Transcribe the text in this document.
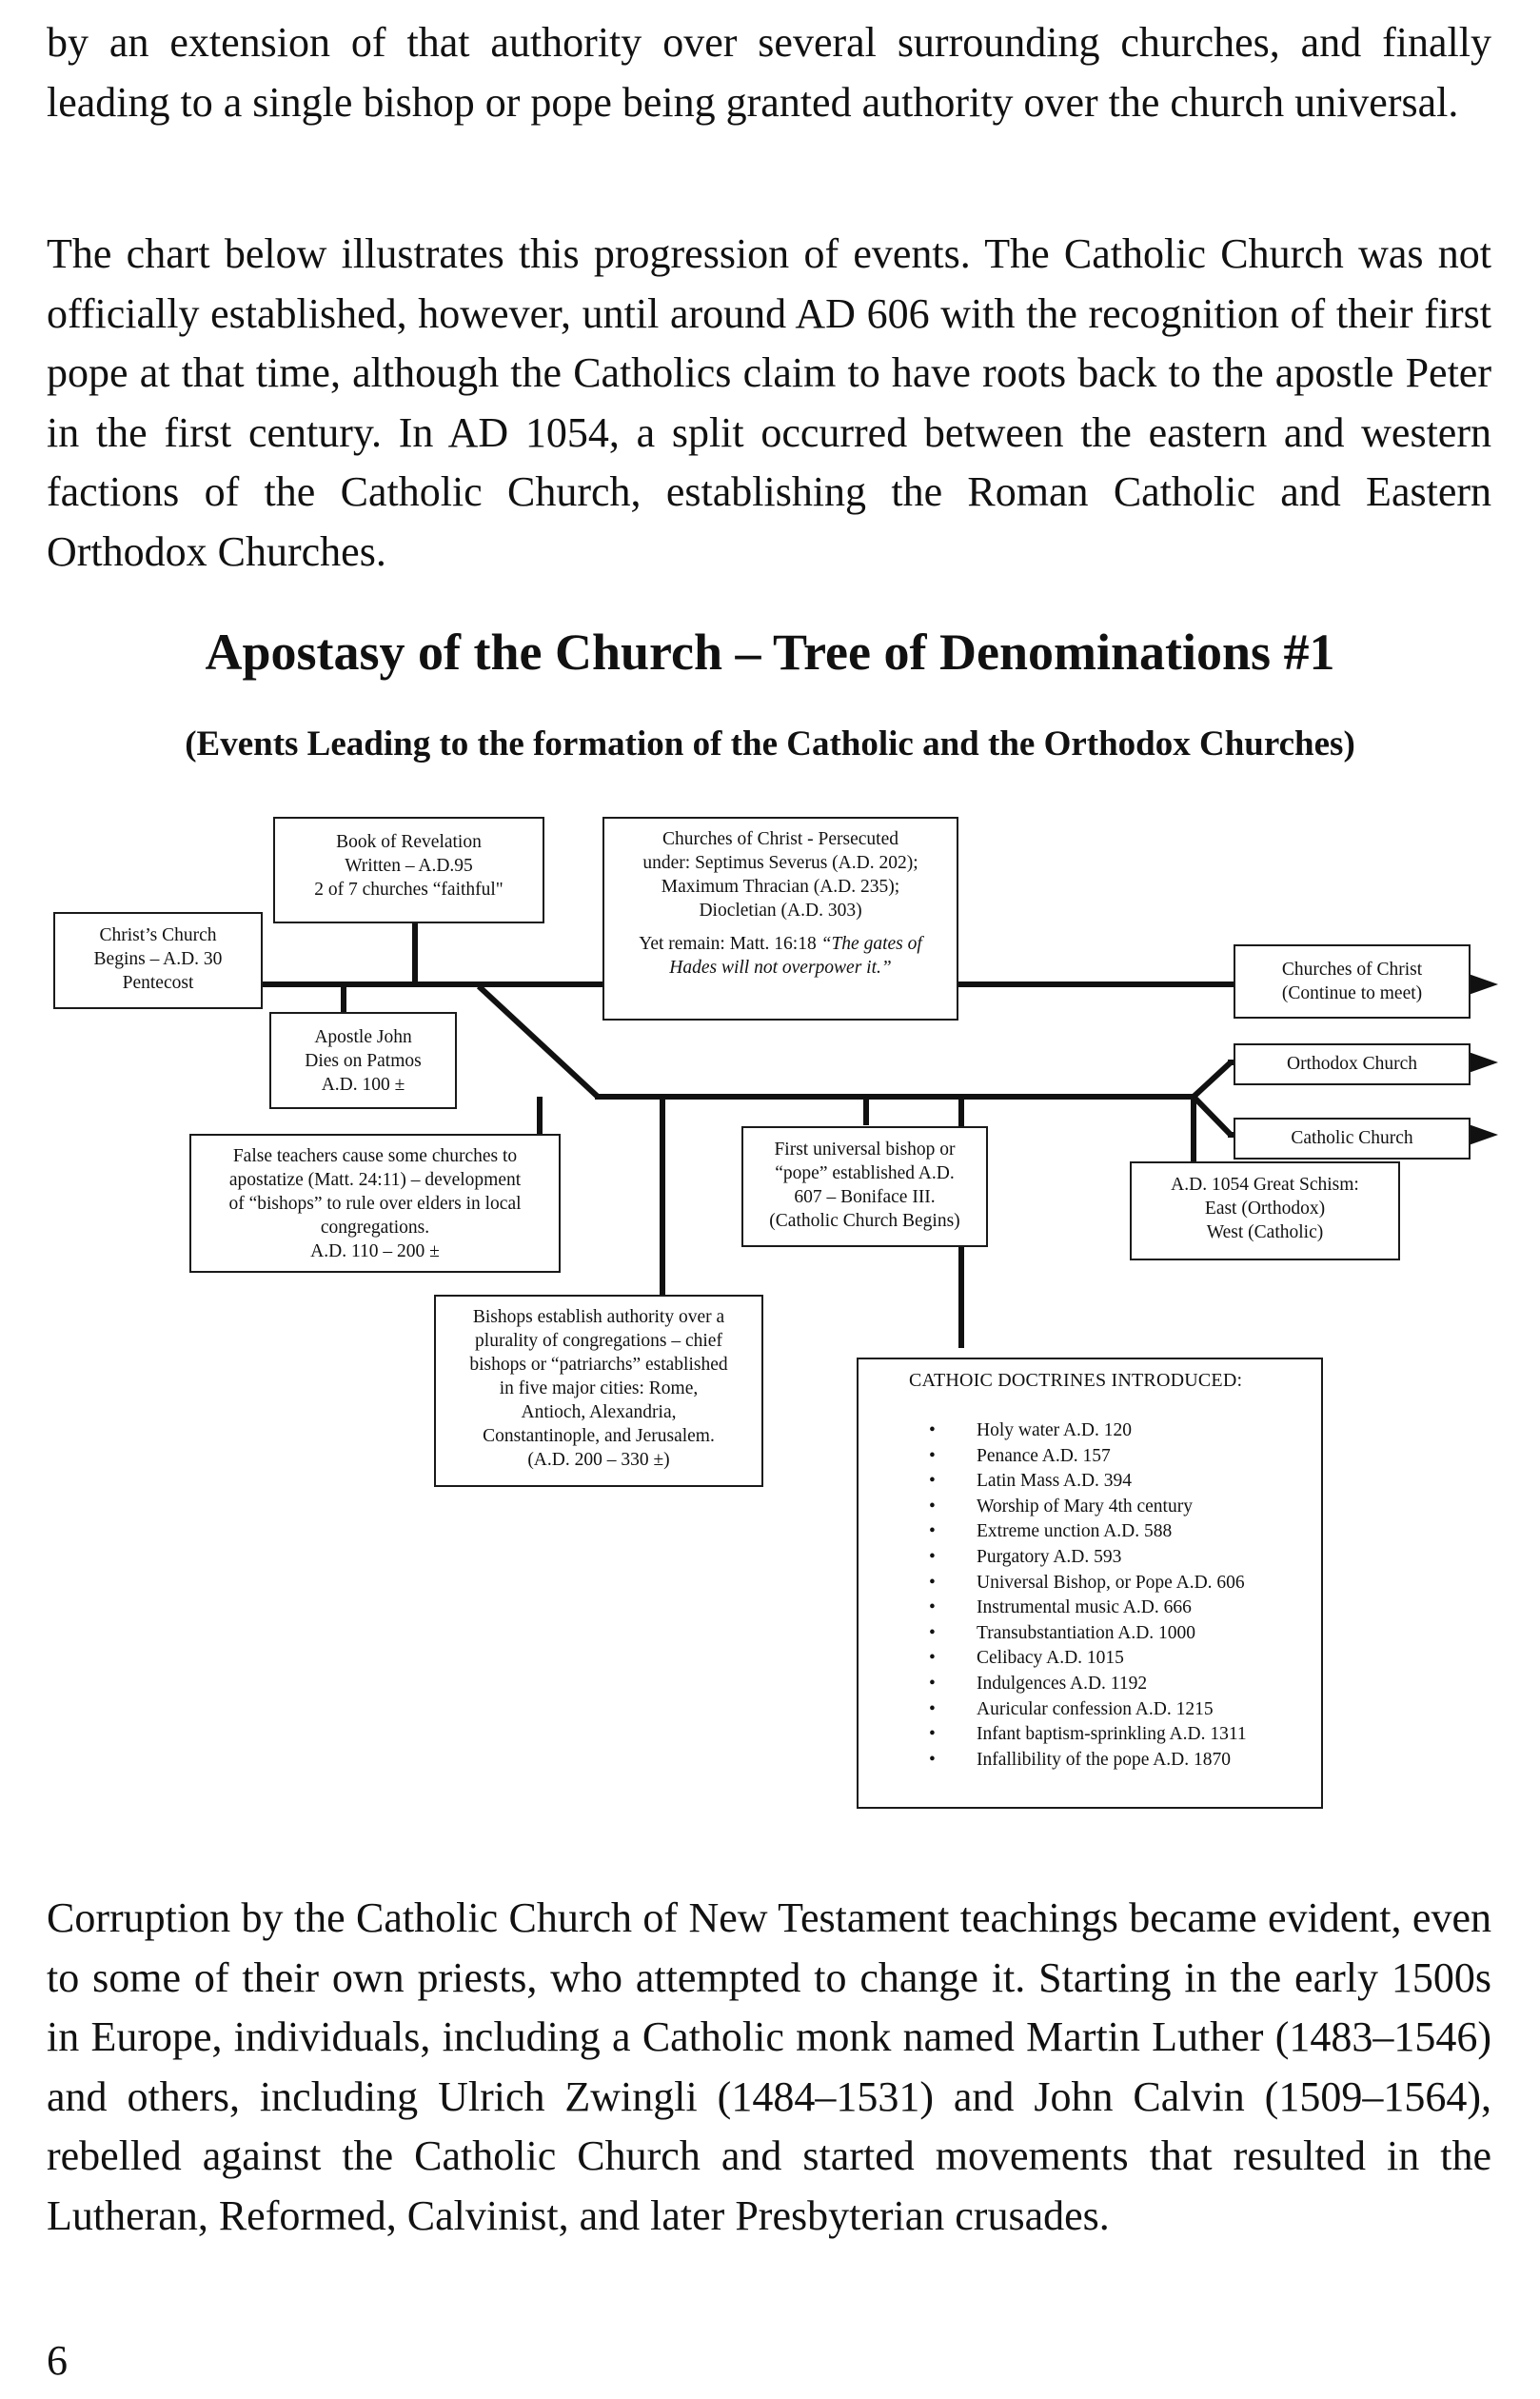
by an extension of that authority over several surrounding churches, and finally leading to a single bishop or pope being granted authority over the church universal.

The chart below illustrates this progression of events. The Catholic Church was not officially established, however, until around AD 606 with the recognition of their first pope at that time, although the Catholics claim to have roots back to the apostle Peter in the first century. In AD 1054, a split occurred between the eastern and western factions of the Catholic Church, establishing the Roman Catholic and Eastern Orthodox Churches.

Apostasy of the Church – Tree of Denominations #1
(Events Leading to the formation of the Catholic and the Orthodox Churches)
Christ’s Church
Begins – A.D. 30
Pentecost
Book of Revelation
Written – A.D.95
2 of 7 churches “faithful"
Churches of Christ - Persecuted
under: Septimus Severus (A.D. 202);
Maximum Thracian (A.D. 235);
Diocletian (A.D. 303)
Yet remain: Matt. 16:18 “The gates of
Hades will not overpower it.”
Apostle John
Dies on Patmos
A.D. 100 ±
False teachers cause some churches to
apostatize (Matt. 24:11) – development
of “bishops” to rule over elders in local
congregations.
A.D. 110 – 200 ±
First universal bishop or
“pope” established A.D.
607 – Boniface III.
(Catholic Church Begins)
A.D. 1054 Great Schism:
East (Orthodox)
West (Catholic)
Churches of Christ
(Continue to meet)
Orthodox Church
Catholic Church
Bishops establish authority over a
plurality of congregations – chief
bishops or “patriarchs” established
in five major cities: Rome,
Antioch, Alexandria,
Constantinople, and Jerusalem.
(A.D. 200 – 330 ±)
CATHOIC DOCTRINES INTRODUCED:
• Holy water A.D. 120
• Penance A.D. 157
• Latin Mass A.D. 394
• Worship of Mary 4th century
• Extreme unction A.D. 588
• Purgatory A.D. 593
• Universal Bishop, or Pope A.D. 606
• Instrumental music A.D. 666
• Transubstantiation A.D. 1000
• Celibacy A.D. 1015
• Indulgences A.D. 1192
• Auricular confession A.D. 1215
• Infant baptism-sprinkling A.D. 1311
• Infallibility of the pope A.D. 1870

Corruption by the Catholic Church of New Testament teachings became evident, even to some of their own priests, who attempted to change it. Starting in the early 1500s in Europe, individuals, including a Catholic monk named Martin Luther (1483–1546) and others, including Ulrich Zwingli (1484–1531) and John Calvin (1509–1564), rebelled against the Catholic Church and started movements that resulted in the Lutheran, Reformed, Calvinist, and later Presbyterian crusades.

6
